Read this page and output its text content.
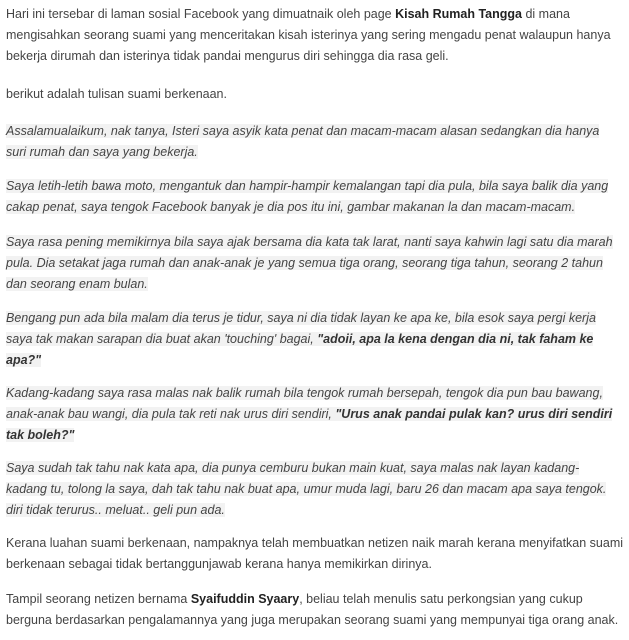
Hari ini tersebar di laman sosial Facebook yang dimuatnaik oleh page Kisah Rumah Tangga di mana
mengisahkan seorang suami yang menceritakan kisah isterinya yang sering mengadu penat walaupun hanya
bekerja dirumah dan isterinya tidak pandai mengurus diri sehingga dia rasa geli.
berikut adalah tulisan suami berkenaan.
Assalamualaikum, nak tanya, Isteri saya asyik kata penat dan macam-macam alasan sedangkan dia hanya
suri rumah dan saya yang bekerja.
Saya letih-letih bawa moto, mengantuk dan hampir-hampir kemalangan tapi dia pula, bila saya balik dia yang
cakap penat, saya tengok Facebook banyak je dia pos itu ini, gambar makanan la dan macam-macam.
Saya rasa pening memikirnya bila saya ajak bersama dia kata tak larat, nanti saya kahwin lagi satu dia marah
pula. Dia setakat jaga rumah dan anak-anak je yang semua tiga orang, seorang tiga tahun, seorang 2 tahun
dan seorang enam bulan.
Bengang pun ada bila malam dia terus je tidur, saya ni dia tidak layan ke apa ke, bila esok saya pergi kerja
saya tak makan sarapan dia buat akan 'touching' bagai, "adoii, apa la kena dengan dia ni, tak faham ke
apa?"
Kadang-kadang saya rasa malas nak balik rumah bila tengok rumah bersepah, tengok dia pun bau bawang,
anak-anak bau wangi, dia pula tak reti nak urus diri sendiri, "Urus anak pandai pulak kan? urus diri sendiri
tak boleh?"
Saya sudah tak tahu nak kata apa, dia punya cemburu bukan main kuat, saya malas nak layan kadang-
kadang tu, tolong la saya, dah tak tahu nak buat apa, umur muda lagi, baru 26 dan macam apa saya tengok.
diri tidak terurus.. meluat.. geli pun ada.
Kerana luahan suami berkenaan, nampaknya telah membuatkan netizen naik marah kerana menyifatkan suami
berkenaan sebagai tidak bertanggunjawab kerana hanya memikirkan dirinya.
Tampil seorang netizen bernama Syaifuddin Syaary, beliau telah menulis satu perkongsian yang cukup
berguna berdasarkan pengalamannya yang juga merupakan seorang suami yang mempunyai tiga orang anak.
